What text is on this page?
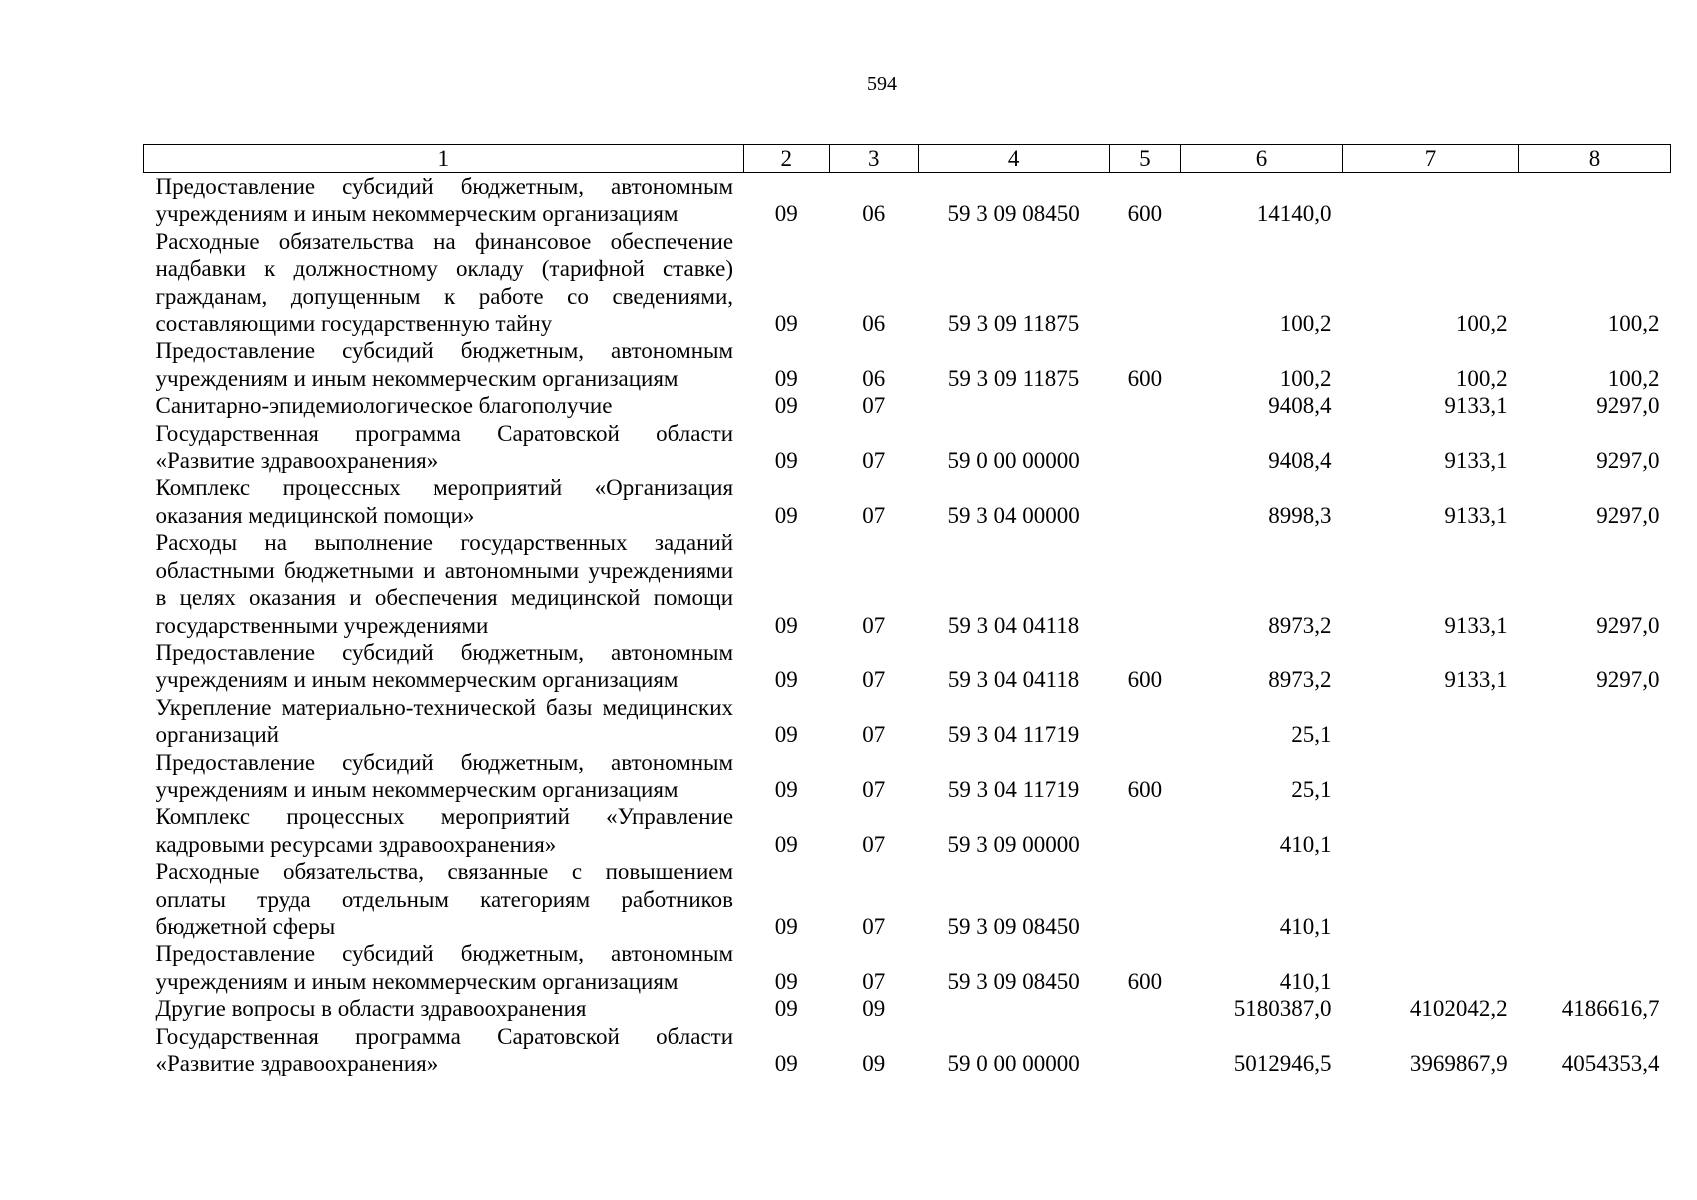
594
1	2	3	4	5	6	7	8
Предоставление субсидий бюджетным, автономным учреждениям и иным некоммерческим организациям	09	06	59 3 09 08450	600	14140,0		
Расходные обязательства на финансовое обеспечение надбавки к должностному окладу (тарифной ставке) гражданам, допущенным к работе со сведениями, составляющими государственную тайну	09	06	59 3 09 11875		100,2	100,2	100,2
Предоставление субсидий бюджетным, автономным учреждениям и иным некоммерческим организациям	09	06	59 3 09 11875	600	100,2	100,2	100,2
Санитарно-эпидемиологическое благополучие	09	07			9408,4	9133,1	9297,0
Государственная программа Саратовской области «Развитие здравоохранения»	09	07	59 0 00 00000		9408,4	9133,1	9297,0
Комплекс процессных мероприятий «Организация оказания медицинской помощи»	09	07	59 3 04 00000		8998,3	9133,1	9297,0
Расходы на выполнение государственных заданий областными бюджетными и автономными учреждениями в целях оказания и обеспечения медицинской помощи государственными учреждениями	09	07	59 3 04 04118		8973,2	9133,1	9297,0
Предоставление субсидий бюджетным, автономным учреждениям и иным некоммерческим организациям	09	07	59 3 04 04118	600	8973,2	9133,1	9297,0
Укрепление материально-технической базы медицинских организаций	09	07	59 3 04 11719		25,1		
Предоставление субсидий бюджетным, автономным учреждениям и иным некоммерческим организациям	09	07	59 3 04 11719	600	25,1		
Комплекс процессных мероприятий «Управление кадровыми ресурсами здравоохранения»	09	07	59 3 09 00000		410,1		
Расходные обязательства, связанные с повышением оплаты труда отдельным категориям работников бюджетной сферы	09	07	59 3 09 08450		410,1		
Предоставление субсидий бюджетным, автономным учреждениям и иным некоммерческим организациям	09	07	59 3 09 08450	600	410,1		
Другие вопросы в области здравоохранения	09	09			5180387,0	4102042,2	4186616,7
Государственная программа Саратовской области «Развитие здравоохранения»	09	09	59 0 00 00000		5012946,5	3969867,9	4054353,4
